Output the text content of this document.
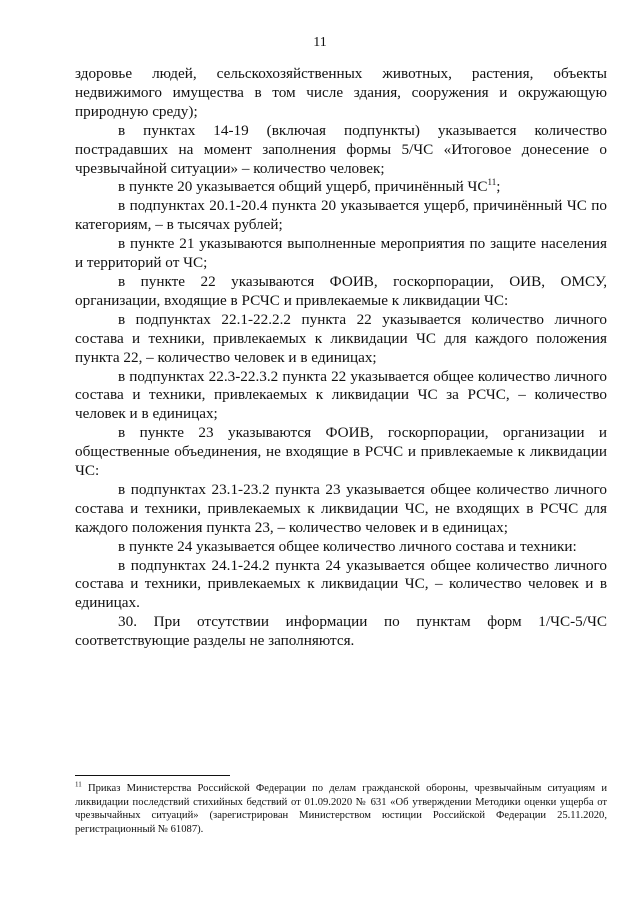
11

здоровье людей, сельскохозяйственных животных, растения, объекты недвижимого имущества в том числе здания, сооружения и окружающую природную среду);

в пунктах 14-19 (включая подпункты) указывается количество пострадавших на момент заполнения формы 5/ЧС «Итоговое донесение о чрезвычайной ситуации» – количество человек;

в пункте 20 указывается общий ущерб, причинённый ЧС$^{11}$;

в подпунктах 20.1-20.4 пункта 20 указывается ущерб, причинённый ЧС по категориям, – в тысячах рублей;

в пункте 21 указываются выполненные мероприятия по защите населения и территорий от ЧС;

в пункте 22 указываются ФОИВ, госкорпорации, ОИВ, ОМСУ, организации, входящие в РСЧС и привлекаемые к ликвидации ЧС:

в подпунктах 22.1-22.2.2 пункта 22 указывается количество личного состава и техники, привлекаемых к ликвидации ЧС для каждого положения пункта 22, – количество человек и в единицах;

в подпунктах 22.3-22.3.2 пункта 22 указывается общее количество личного состава и техники, привлекаемых к ликвидации ЧС за РСЧС, – количество человек и в единицах;

в пункте 23 указываются ФОИВ, госкорпорации, организации и общественные объединения, не входящие в РСЧС и привлекаемые к ликвидации ЧС:

в подпунктах 23.1-23.2 пункта 23 указывается общее количество личного состава и техники, привлекаемых к ликвидации ЧС, не входящих в РСЧС для каждого положения пункта 23, – количество человек и в единицах;

в пункте 24 указывается общее количество личного состава и техники:

в подпунктах 24.1-24.2 пункта 24 указывается общее количество личного состава и техники, привлекаемых к ликвидации ЧС, – количество человек и в единицах.

30. При отсутствии информации по пунктам форм 1/ЧС-5/ЧС соответствующие разделы не заполняются.

$^{11}$ Приказ Министерства Российской Федерации по делам гражданской обороны, чрезвычайным ситуациям и ликвидации последствий стихийных бедствий от 01.09.2020 № 631 «Об утверждении Методики оценки ущерба от чрезвычайных ситуаций» (зарегистрирован Министерством юстиции Российской Федерации 25.11.2020, регистрационный № 61087).
